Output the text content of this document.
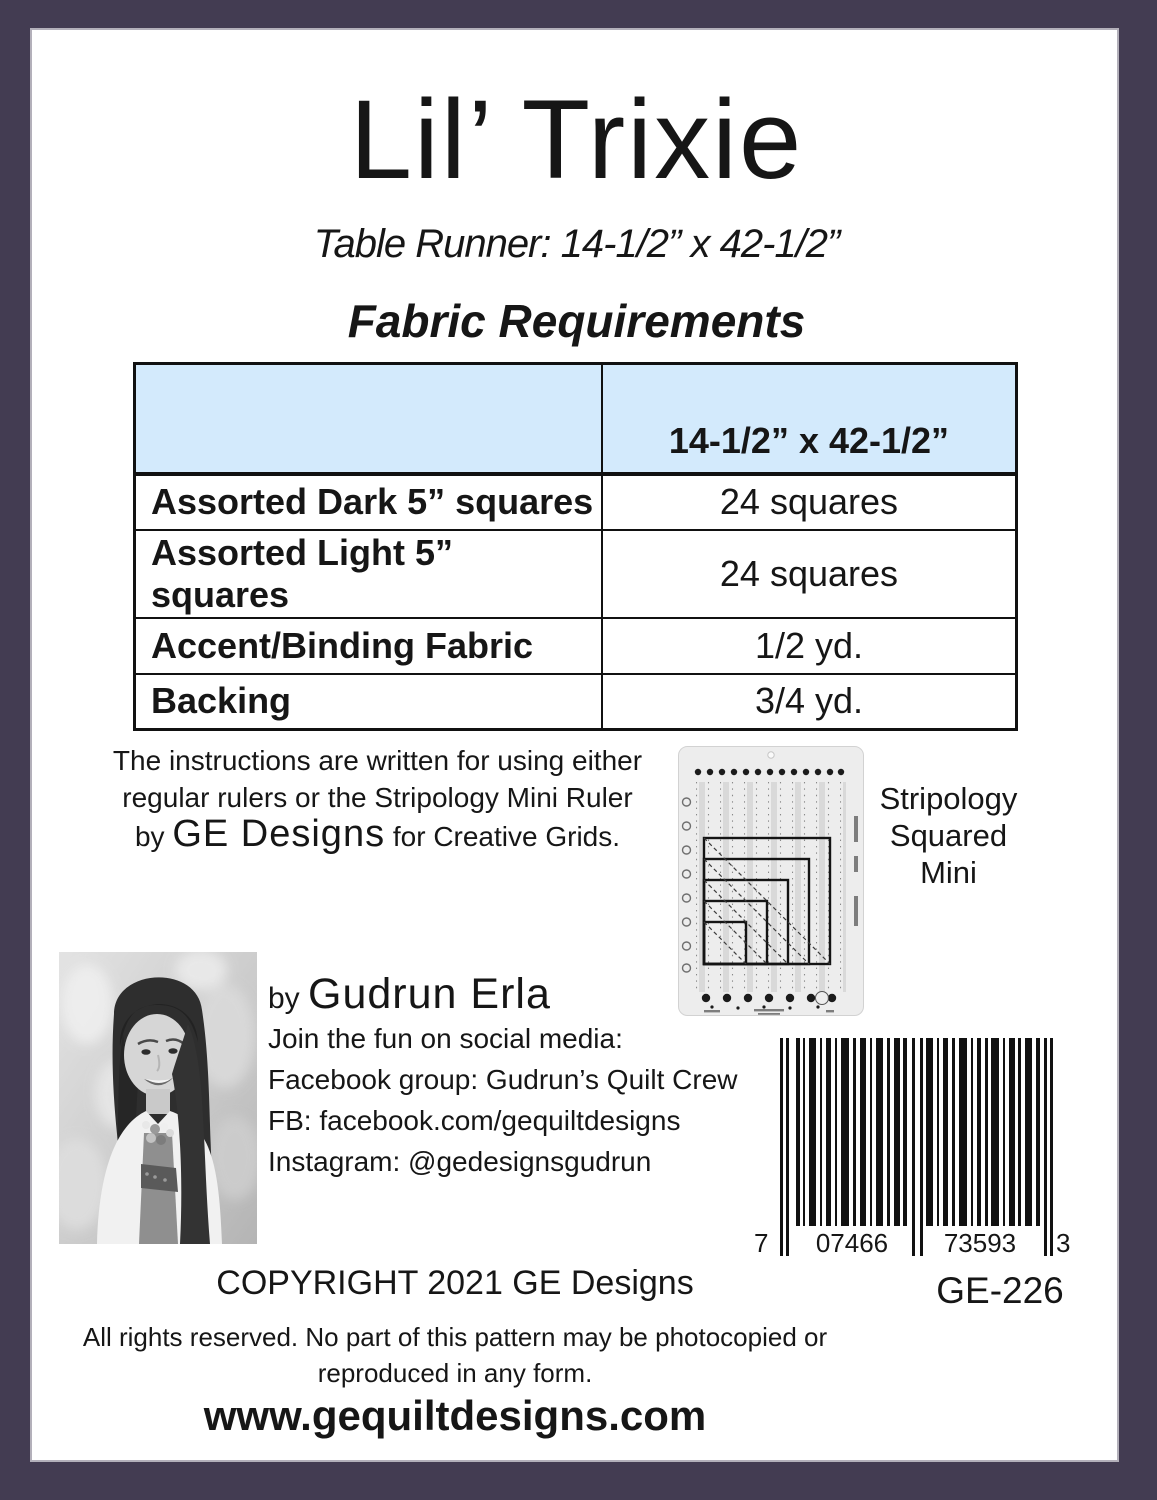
Lil’ Trixie
Table Runner: 14-1/2” x 42-1/2”
Fabric Requirements
	14-1/2” x 42-1/2”
Assorted Dark 5” squares	24 squares
Assorted Light 5” squares	24 squares
Accent/Binding Fabric	1/2 yd.
Backing	3/4 yd.
The instructions are written for using either
regular rulers or the Stripology Mini Ruler
by GE Designs for Creative Grids.
Stripology
Squared
Mini
by Gudrun Erla
Join the fun on social media:
Facebook group: Gudrun’s Quilt Crew
FB: facebook.com/gequiltdesigns
Instagram: @gedesignsgudrun
7	07466	73593	3
GE-226
COPYRIGHT 2021 GE Designs
All rights reserved. No part of this pattern may be photocopied or
reproduced in any form.
www.gequiltdesigns.com
